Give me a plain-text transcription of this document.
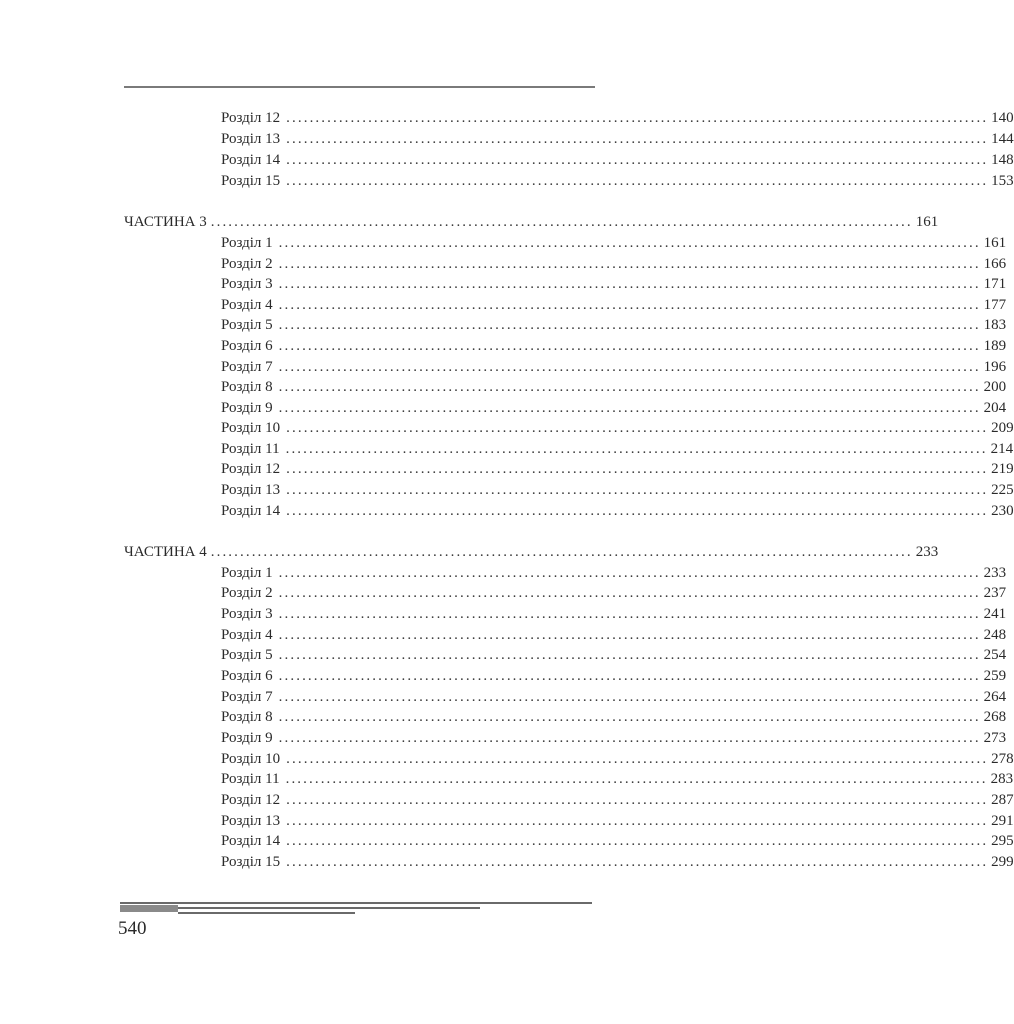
Розділ 12 ........................................................................................................................ 140
Розділ 13 ........................................................................................................................ 144
Розділ 14 ........................................................................................................................ 148
Розділ 15 ........................................................................................................................ 153
ЧАСТИНА 3 ........................................................................................................................ 161
Розділ 1 ........................................................................................................................ 161
Розділ 2 ........................................................................................................................ 166
Розділ 3 ........................................................................................................................ 171
Розділ 4 ........................................................................................................................ 177
Розділ 5 ........................................................................................................................ 183
Розділ 6 ........................................................................................................................ 189
Розділ 7 ........................................................................................................................ 196
Розділ 8 ........................................................................................................................ 200
Розділ 9 ........................................................................................................................ 204
Розділ 10 ........................................................................................................................ 209
Розділ 11 ........................................................................................................................ 214
Розділ 12 ........................................................................................................................ 219
Розділ 13 ........................................................................................................................ 225
Розділ 14 ........................................................................................................................ 230
ЧАСТИНА 4 ........................................................................................................................ 233
Розділ 1 ........................................................................................................................ 233
Розділ 2 ........................................................................................................................ 237
Розділ 3 ........................................................................................................................ 241
Розділ 4 ........................................................................................................................ 248
Розділ 5 ........................................................................................................................ 254
Розділ 6 ........................................................................................................................ 259
Розділ 7 ........................................................................................................................ 264
Розділ 8 ........................................................................................................................ 268
Розділ 9 ........................................................................................................................ 273
Розділ 10 ........................................................................................................................ 278
Розділ 11 ........................................................................................................................ 283
Розділ 12 ........................................................................................................................ 287
Розділ 13 ........................................................................................................................ 291
Розділ 14 ........................................................................................................................ 295
Розділ 15 ........................................................................................................................ 299
540
